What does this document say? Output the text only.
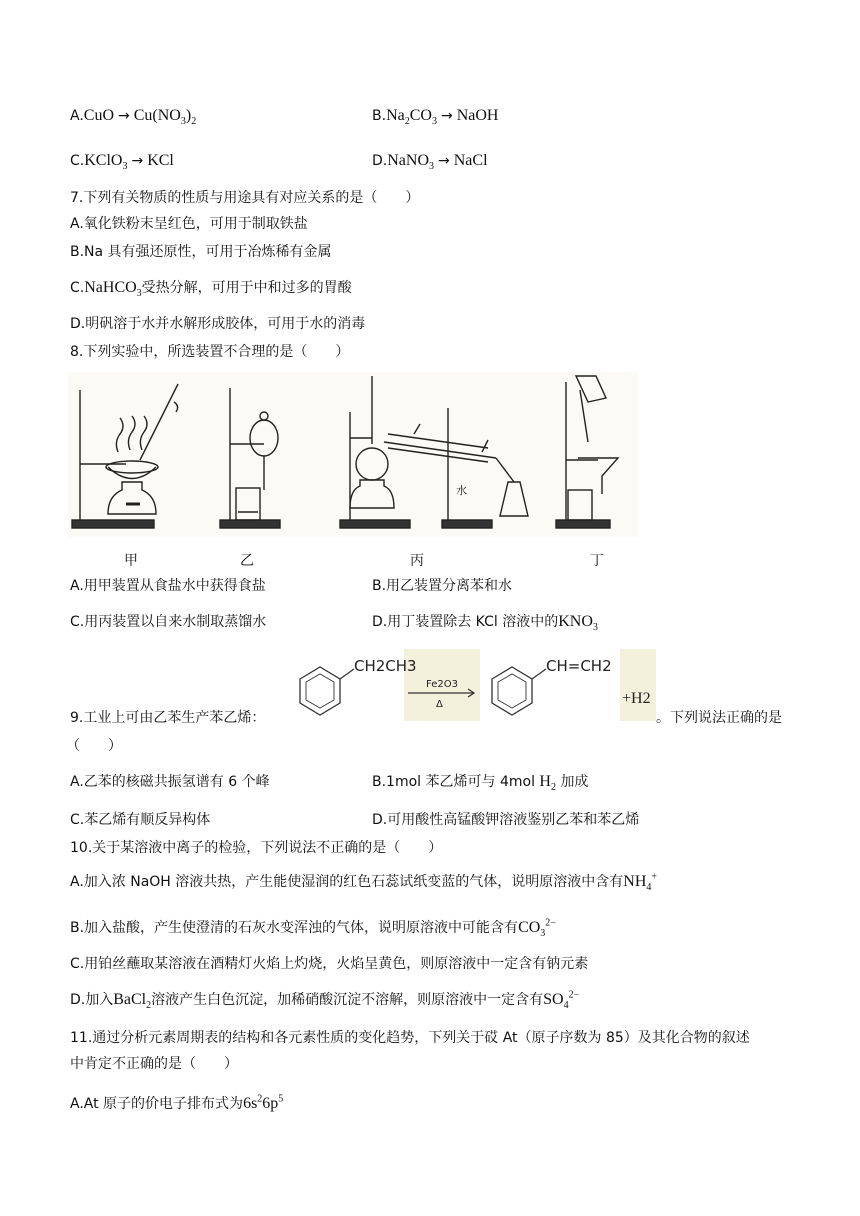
$A.CuO \to Cu(NO_3)_2$	$B.Na_2CO_3$ → NaOH
C.KClO$_3$ → KCl	D.NaNO$_3$ → NaCl
7.下列有关物质的性质与用途具有对应关系的是（　　）
A.氧化铁粉末呈红色，可用于制取铁盐
B.Na 具有强还原性，可用于冶炼稀有金属
C.NaHCO$_3$受热分解，可用于中和过多的胃酸
D.明矾溶于水并水解形成胶体，可用于水的消毒
8.下列实验中，所选装置不合理的是（　　）
水
甲	乙	丙	丁
A.用甲装置从食盐水中获得食盐	B.用乙装置分离苯和水
C.用丙装置以自来水制取蒸馏水	D.用丁装置除去 KCl 溶液中的$KNO_3$
9.工业上可由乙苯生产苯乙烯：
CH2CH3
Fe2O3
Δ
CH=CH2
+H2
。下列说法正确的是
（　　）
A.乙苯的核磁共振氢谱有 6 个峰	B.1mol 苯乙烯可与 4mol $H_2$ 加成
C.苯乙烯有顺反异构体	D.可用酸性高锰酸钾溶液鉴别乙苯和苯乙烯
10.关于某溶液中离子的检验，下列说法不正确的是（　　）
A.加入浓 NaOH 溶液共热，产生能使湿润的红色石蕊试纸变蓝的气体，说明原溶液中含有$NH_4^+$
B.加入盐酸，产生使澄清的石灰水变浑浊的气体，说明原溶液中可能含有$CO_3^{2-}$
C.用铂丝蘸取某溶液在酒精灯火焰上灼烧，火焰呈黄色，则原溶液中一定含有钠元素
D.加入BaCl$_2$溶液产生白色沉淀，加稀硝酸沉淀不溶解，则原溶液中一定含有$SO_4^{2-}$
11.通过分析元素周期表的结构和各元素性质的变化趋势，下列关于砹 At（原子序数为 85）及其化合物的叙述
中肯定不正确的是（　　）
A.At 原子的价电子排布式为$6s^26p^5$
